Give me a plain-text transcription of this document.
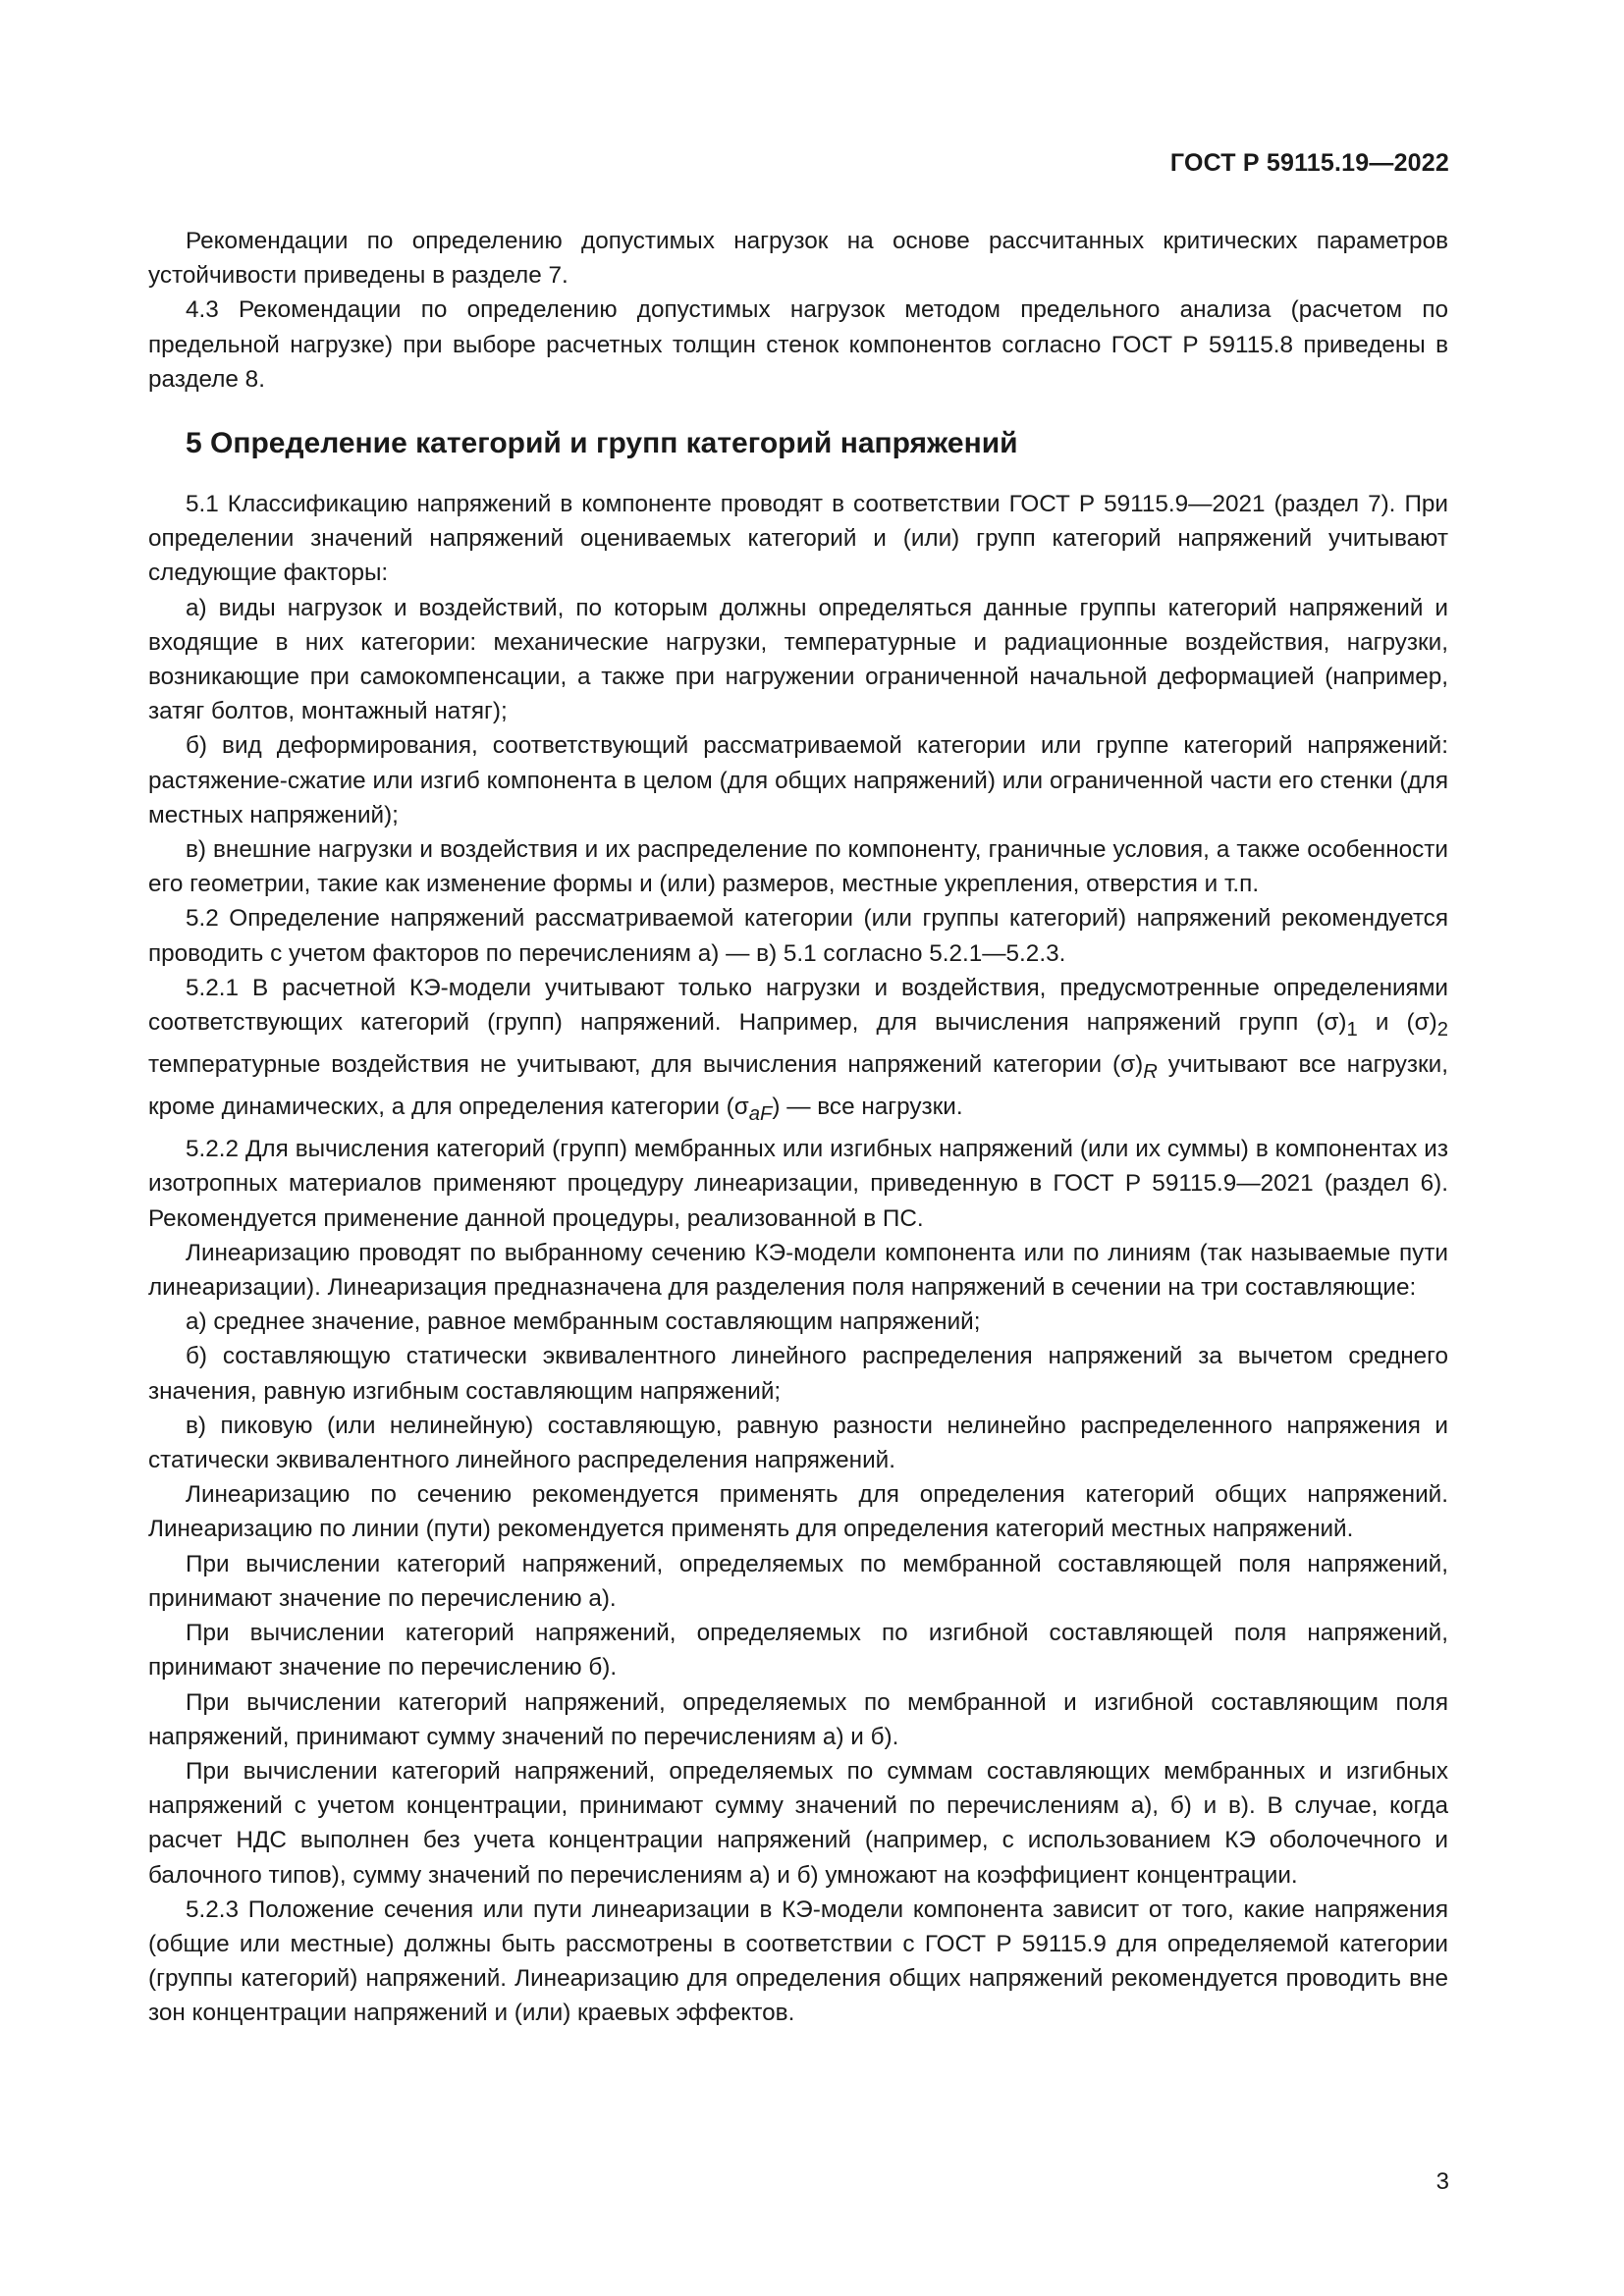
ГОСТ Р 59115.19—2022

Рекомендации по определению допустимых нагрузок на основе рассчитанных критических параметров устойчивости приведены в разделе 7.

4.3 Рекомендации по определению допустимых нагрузок методом предельного анализа (расчетом по предельной нагрузке) при выборе расчетных толщин стенок компонентов согласно ГОСТ Р 59115.8 приведены в разделе 8.

5 Определение категорий и групп категорий напряжений

5.1 Классификацию напряжений в компоненте проводят в соответствии ГОСТ Р 59115.9—2021 (раздел 7). При определении значений напряжений оцениваемых категорий и (или) групп категорий напряжений учитывают следующие факторы:

а) виды нагрузок и воздействий, по которым должны определяться данные группы категорий напряжений и входящие в них категории: механические нагрузки, температурные и радиационные воздействия, нагрузки, возникающие при самокомпенсации, а также при нагружении ограниченной начальной деформацией (например, затяг болтов, монтажный натяг);

б) вид деформирования, соответствующий рассматриваемой категории или группе категорий напряжений: растяжение-сжатие или изгиб компонента в целом (для общих напряжений) или ограниченной части его стенки (для местных напряжений);

в) внешние нагрузки и воздействия и их распределение по компоненту, граничные условия, а также особенности его геометрии, такие как изменение формы и (или) размеров, местные укрепления, отверстия и т.п.

5.2 Определение напряжений рассматриваемой категории (или группы категорий) напряжений рекомендуется проводить с учетом факторов по перечислениям а) — в) 5.1 согласно 5.2.1—5.2.3.

5.2.1 В расчетной КЭ-модели учитывают только нагрузки и воздействия, предусмотренные определениями соответствующих категорий (групп) напряжений. Например, для вычисления напряжений групп $(\sigma)_1$ и $(\sigma)_2$ температурные воздействия не учитывают, для вычисления напряжений категории $(\sigma)_R$ учитывают все нагрузки, кроме динамических, а для определения категории $(\sigma_{aF})$ — все нагрузки.

5.2.2 Для вычисления категорий (групп) мембранных или изгибных напряжений (или их суммы) в компонентах из изотропных материалов применяют процедуру линеаризации, приведенную в ГОСТ Р 59115.9—2021 (раздел 6). Рекомендуется применение данной процедуры, реализованной в ПС.

Линеаризацию проводят по выбранному сечению КЭ-модели компонента или по линиям (так называемые пути линеаризации). Линеаризация предназначена для разделения поля напряжений в сечении на три составляющие:

а) среднее значение, равное мембранным составляющим напряжений;

б) составляющую статически эквивалентного линейного распределения напряжений за вычетом среднего значения, равную изгибным составляющим напряжений;

в) пиковую (или нелинейную) составляющую, равную разности нелинейно распределенного напряжения и статически эквивалентного линейного распределения напряжений.

Линеаризацию по сечению рекомендуется применять для определения категорий общих напряжений. Линеаризацию по линии (пути) рекомендуется применять для определения категорий местных напряжений.

При вычислении категорий напряжений, определяемых по мембранной составляющей поля напряжений, принимают значение по перечислению а).

При вычислении категорий напряжений, определяемых по изгибной составляющей поля напряжений, принимают значение по перечислению б).

При вычислении категорий напряжений, определяемых по мембранной и изгибной составляющим поля напряжений, принимают сумму значений по перечислениям а) и б).

При вычислении категорий напряжений, определяемых по суммам составляющих мембранных и изгибных напряжений с учетом концентрации, принимают сумму значений по перечислениям а), б) и в). В случае, когда расчет НДС выполнен без учета концентрации напряжений (например, с использованием КЭ оболочечного и балочного типов), сумму значений по перечислениям а) и б) умножают на коэффициент концентрации.

5.2.3 Положение сечения или пути линеаризации в КЭ-модели компонента зависит от того, какие напряжения (общие или местные) должны быть рассмотрены в соответствии с ГОСТ Р 59115.9 для определяемой категории (группы категорий) напряжений. Линеаризацию для определения общих напряжений рекомендуется проводить вне зон концентрации напряжений и (или) краевых эффектов.

3
